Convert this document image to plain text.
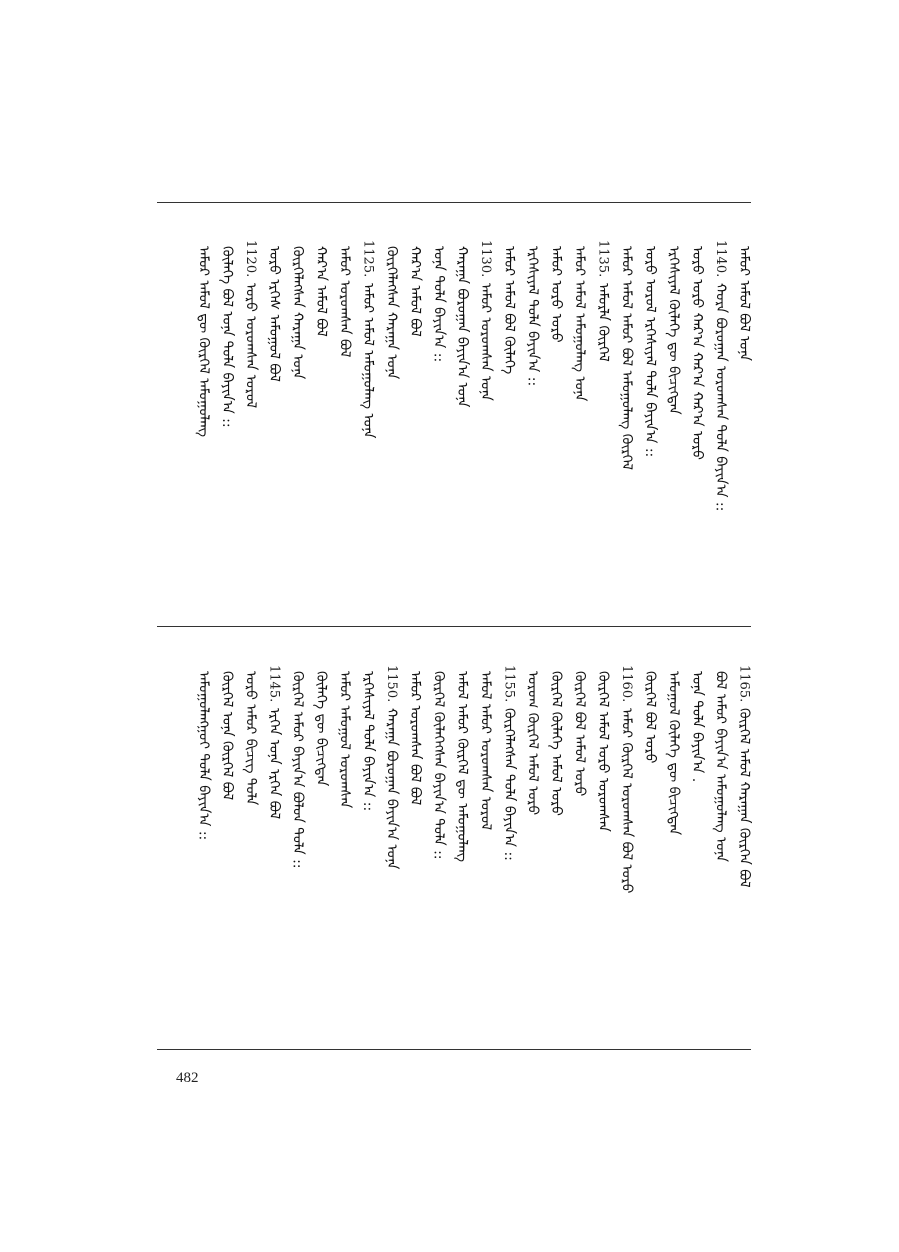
ᠠᠮᠤᠷ ᠠᠮᠤᠯ ᠪᠣᠯ ᠤᠨᠠ
1140.
ᠬᠤᠷᠠ ᠪᠣᠷᠤᠭᠠᠨ ᠣᠷᠣᠭᠰᠠᠨ ᠲᠤᠯᠠ ᠪᠠᠶᠢᠨ᠎ᠠ ::
ᠤᠷᠤ ᠤᠷᠤ ᠬᠠᠷ᠎ᠠ ᠬᠠᠷ᠎ᠠ ᠬᠠᠷ᠎ᠠ ᠤᠷᠤ
ᠡᠷᠬᠡᠰᠢᠶᠡᠯ ᠬᠦᠯᠡᠭᠡ ᠳᠦ ᠪᠢᠴᠢᠭᠳᠡᠨ
ᠤᠷᠤ ᠤᠷᠤᠯ ᠡᠷᠬᠡᠰᠢᠶᠡᠯ ᠲᠤᠯᠠ ᠪᠠᠶᠢᠨ᠎ᠠ ::
ᠠᠮᠤᠷ ᠠᠮᠤᠯ ᠠᠮᠤᠷ ᠪᠣᠯ ᠠᠮᠤᠭᠤᠯᠠᠩ ᠬᠦᠷᠭᠡᠯ
1135.
ᠠᠮᠤᠷᠯᠠ ᠬᠦᠷᠭᠡᠯ
ᠠᠮᠤᠷ ᠠᠮᠤᠯ ᠠᠮᠤᠭᠤᠯᠠᠩ ᠤᠨᠠ
ᠠᠮᠤᠷ ᠤᠷᠤ ᠤᠷᠤ
ᠡᠷᠬᠡᠰᠢᠶᠡᠯ ᠲᠤᠯᠠ ᠪᠠᠶᠢᠨ᠎ᠠ ::
ᠠᠮᠤᠷ ᠠᠮᠤᠯ ᠪᠣᠯ ᠬᠦᠯᠡᠭᠡ
1130.
ᠠᠮᠤᠷ ᠣᠷᠣᠭᠰᠠᠨ ᠤᠨᠠ
ᠬᠠᠷᠠᠭᠠ ᠪᠣᠷᠤᠭᠠᠨ ᠪᠠᠶᠢᠨ᠎ᠠ ᠤᠨᠠ
ᠤᠨᠠ ᠲᠤᠯᠠ ᠪᠠᠶᠢᠨ᠎ᠠ ::
ᠬᠠᠷ᠎ᠠ ᠠᠮᠤᠯ ᠪᠣᠯ
ᠬᠦᠷᠭᠡᠯᠡᠭᠰᠡᠨ ᠬᠠᠷᠠᠭᠠ ᠤᠨᠠ
1125.
ᠠᠮᠤᠷ ᠠᠮᠤᠯ ᠠᠮᠤᠭᠤᠯᠠᠩ ᠤᠨᠠ
ᠠᠮᠤᠷ ᠣᠷᠣᠭᠰᠠᠨ ᠪᠣᠯ
ᠬᠠᠷ᠎ᠠ ᠠᠮᠤᠯ ᠪᠣᠯ
ᠬᠦᠷᠭᠡᠯᠡᠭᠰᠡᠨ ᠬᠠᠷᠠᠭᠠ ᠤᠨᠠ
ᠤᠷᠤ ᠡᠷᠬᠡᠰ ᠠᠮᠤᠭᠤᠯ ᠪᠣᠯ
1120.
ᠤᠷᠤ ᠣᠷᠣᠭᠰᠠᠨ ᠤᠷᠤᠯ
ᠬᠦᠯᠡᠭᠡ ᠪᠣᠯ ᠤᠨᠠ ᠲᠤᠯᠠ ᠪᠠᠶᠢᠨ᠎ᠠ ::
ᠠᠮᠤᠷ ᠠᠮᠤᠯ ᠳᠦ ᠬᠦᠷᠭᠡᠯ ᠠᠮᠤᠭᠤᠯᠠᠩ
1165.
ᠬᠦᠷᠭᠡᠯ ᠠᠮᠤᠯ ᠬᠠᠷᠠᠭᠠᠨ ᠬᠦᠷᠭᠡᠨ ᠪᠣᠯ
ᠪᠣᠯ ᠠᠮᠤᠷ ᠪᠠᠶᠢᠨ᠎ᠠ ᠠᠮᠤᠭᠤᠯᠠᠩ ᠤᠨᠠ
ᠤᠨᠠ ᠲᠤᠯᠠ ᠪᠠᠶᠢᠨ᠎ᠠ .
ᠠᠮᠤᠭᠤᠯ ᠬᠦᠯᠡᠭᠡ ᠳᠦ ᠪᠢᠴᠢᠭᠳᠡᠨ
ᠬᠦᠷᠭᠡᠯ ᠪᠣᠯ ᠤᠷᠤ
1160.
ᠠᠮᠤᠷ ᠬᠦᠷᠭᠡᠯ ᠣᠷᠣᠭᠰᠠᠨ ᠪᠣᠯ ᠤᠷᠤ
ᠬᠦᠷᠭᠡᠯ ᠠᠮᠤᠯ ᠤᠷᠤ ᠣᠷᠣᠭᠰᠠᠨ
ᠬᠦᠷᠭᠡᠯ ᠪᠣᠯ ᠠᠮᠤᠯ ᠤᠷᠤ
ᠬᠦᠷᠭᠡᠯ ᠬᠦᠯᠡᠭᠡ ᠠᠮᠤᠯ ᠤᠷᠤ
ᠣᠷᠣᠭ ᠬᠦᠷᠭᠡᠯ ᠠᠮᠤᠯ ᠤᠷᠤ
1155.
ᠬᠦᠷᠭᠡᠯᠡᠭᠰᠡᠨ ᠲᠤᠯᠠ ᠪᠠᠶᠢᠨ᠎ᠠ ::
ᠠᠮᠤᠯ ᠠᠮᠤᠷ ᠣᠷᠣᠭᠰᠠᠨ ᠤᠷᠤᠯ
ᠠᠮᠤᠯ ᠠᠮᠤᠷ ᠬᠦᠷᠭᠡᠯ ᠳᠦ ᠠᠮᠤᠭᠤᠯᠠᠩ
ᠬᠦᠷᠭᠡᠯ ᠬᠦᠯᠡᠭᠡᠭᠰᠡᠨ ᠪᠠᠶᠢᠨ᠎ᠠ ᠲᠤᠯᠠ ::
ᠠᠮᠤᠷ ᠣᠷᠣᠭᠰᠠᠨ ᠪᠣᠯ ᠪᠣᠯ
1150.
ᠬᠠᠷᠠᠭᠠ ᠪᠣᠷᠤᠭᠠᠨ ᠪᠠᠶᠢᠨ᠎ᠠ ᠤᠨᠠ
ᠡᠷᠬᠡᠰᠢᠶᠡᠯ ᠲᠤᠯᠠ ᠪᠠᠶᠢᠨ᠎ᠠ ::
ᠠᠮᠤᠷ ᠠᠮᠤᠭᠤᠯ ᠣᠷᠣᠭᠰᠠᠨ
ᠬᠦᠯᠡᠭᠡ ᠳᠦ ᠪᠢᠴᠢᠭᠳᠡᠨ
ᠬᠦᠷᠭᠡᠯ ᠠᠮᠤᠷ ᠪᠠᠶᠢᠨ᠎ᠠ ᠪᠣᠯᠤᠨ ᠲᠤᠯᠠ ::
1145.
ᠡᠷᠬᠡᠨ ᠤᠨᠠ ᠡᠷᠬᠡᠨ ᠪᠣᠯ
ᠤᠷᠤ ᠠᠮᠤᠷ ᠪᠢᠴᠢᠭ ᠲᠤᠯᠠ
ᠬᠦᠷᠭᠡᠯ ᠤᠨᠠ ᠬᠦᠷᠭᠡᠯ ᠪᠣᠯ
ᠠᠮᠤᠭᠤᠯᠠᠩᠭᠤᠢ ᠲᠤᠯᠠ ᠪᠠᠶᠢᠨ᠎ᠠ ::
482
